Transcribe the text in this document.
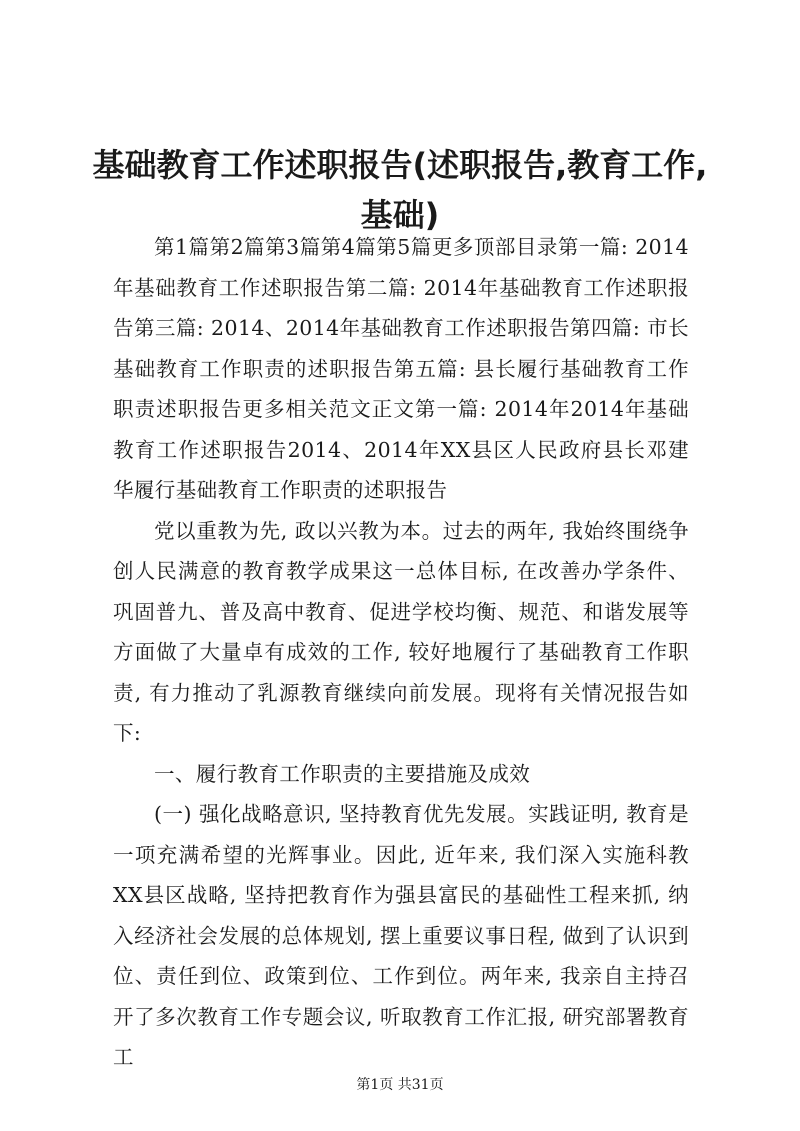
基础教育工作述职报告(述职报告,教育工作,基础)

第1篇第2篇第3篇第4篇第5篇更多顶部目录第一篇: 2014年基础教育工作述职报告第二篇: 2014年基础教育工作述职报告第三篇: 2014、2014年基础教育工作述职报告第四篇: 市长基础教育工作职责的述职报告第五篇: 县长履行基础教育工作职责述职报告更多相关范文正文第一篇: 2014年2014年基础教育工作述职报告2014、2014年XX县区人民政府县长邓建华履行基础教育工作职责的述职报告

党以重教为先, 政以兴教为本。过去的两年, 我始终围绕争创人民满意的教育教学成果这一总体目标, 在改善办学条件、巩固普九、普及高中教育、促进学校均衡、规范、和谐发展等方面做了大量卓有成效的工作, 较好地履行了基础教育工作职责, 有力推动了乳源教育继续向前发展。现将有关情况报告如下:

一、履行教育工作职责的主要措施及成效

(一) 强化战略意识, 坚持教育优先发展。实践证明, 教育是一项充满希望的光辉事业。因此, 近年来, 我们深入实施科教XX县区战略, 坚持把教育作为强县富民的基础性工程来抓, 纳入经济社会发展的总体规划, 摆上重要议事日程, 做到了认识到位、责任到位、政策到位、工作到位。两年来, 我亲自主持召开了多次教育工作专题会议, 听取教育工作汇报, 研究部署教育工

第1页 共31页
